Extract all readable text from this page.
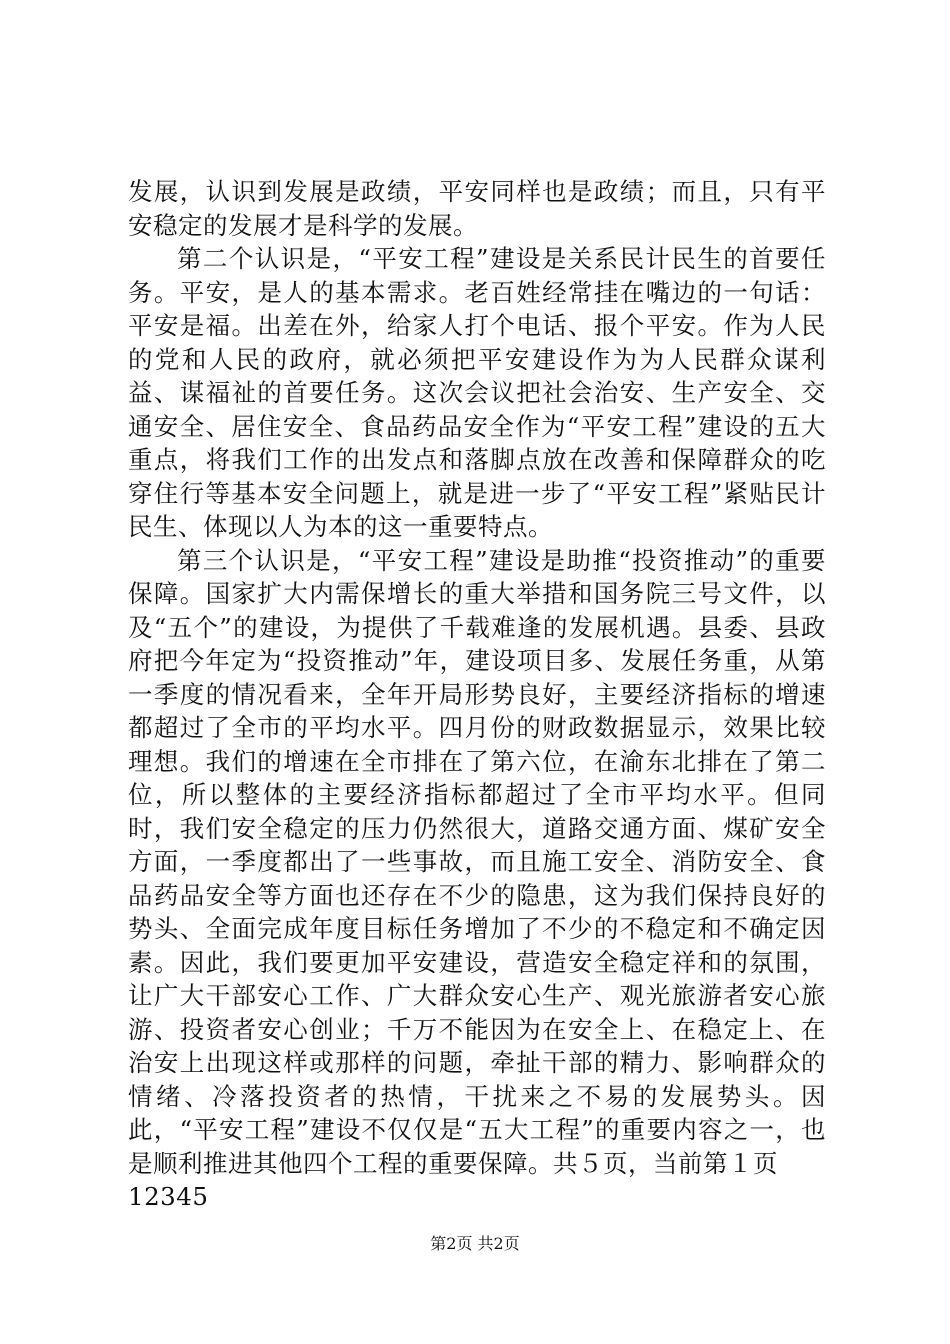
发展，认识到发展是政绩，平安同样也是政绩；而且，只有平安稳定的发展才是科学的发展。

第二个认识是，“平安工程”建设是关系民计民生的首要任务。平安，是人的基本需求。老百姓经常挂在嘴边的一句话：平安是福。出差在外，给家人打个电话、报个平安。作为人民的党和人民的政府，就必须把平安建设作为为人民群众谋利益、谋福祉的首要任务。这次会议把社会治安、生产安全、交通安全、居住安全、食品药品安全作为“平安工程”建设的五大重点，将我们工作的出发点和落脚点放在改善和保障群众的吃穿住行等基本安全问题上，就是进一步了“平安工程”紧贴民计民生、体现以人为本的这一重要特点。

第三个认识是，“平安工程”建设是助推“投资推动”的重要保障。国家扩大内需保增长的重大举措和国务院三号文件，以及“五个”的建设，为提供了千载难逢的发展机遇。县委、县政府把今年定为“投资推动”年，建设项目多、发展任务重，从第一季度的情况看来，全年开局形势良好，主要经济指标的增速都超过了全市的平均水平。四月份的财政数据显示，效果比较理想。我们的增速在全市排在了第六位，在渝东北排在了第二位，所以整体的主要经济指标都超过了全市平均水平。但同时，我们安全稳定的压力仍然很大，道路交通方面、煤矿安全方面，一季度都出了一些事故，而且施工安全、消防安全、食品药品安全等方面也还存在不少的隐患，这为我们保持良好的势头、全面完成年度目标任务增加了不少的不稳定和不确定因素。因此，我们要更加平安建设，营造安全稳定祥和的氛围，让广大干部安心工作、广大群众安心生产、观光旅游者安心旅游、投资者安心创业；千万不能因为在安全上、在稳定上、在治安上出现这样或那样的问题，牵扯干部的精力、影响群众的情绪、冷落投资者的热情，干扰来之不易的发展势头。因此，“平安工程”建设不仅仅是“五大工程”的重要内容之一，也是顺利推进其他四个工程的重要保障。共５页，当前第１页

12345

第2页 共2页
